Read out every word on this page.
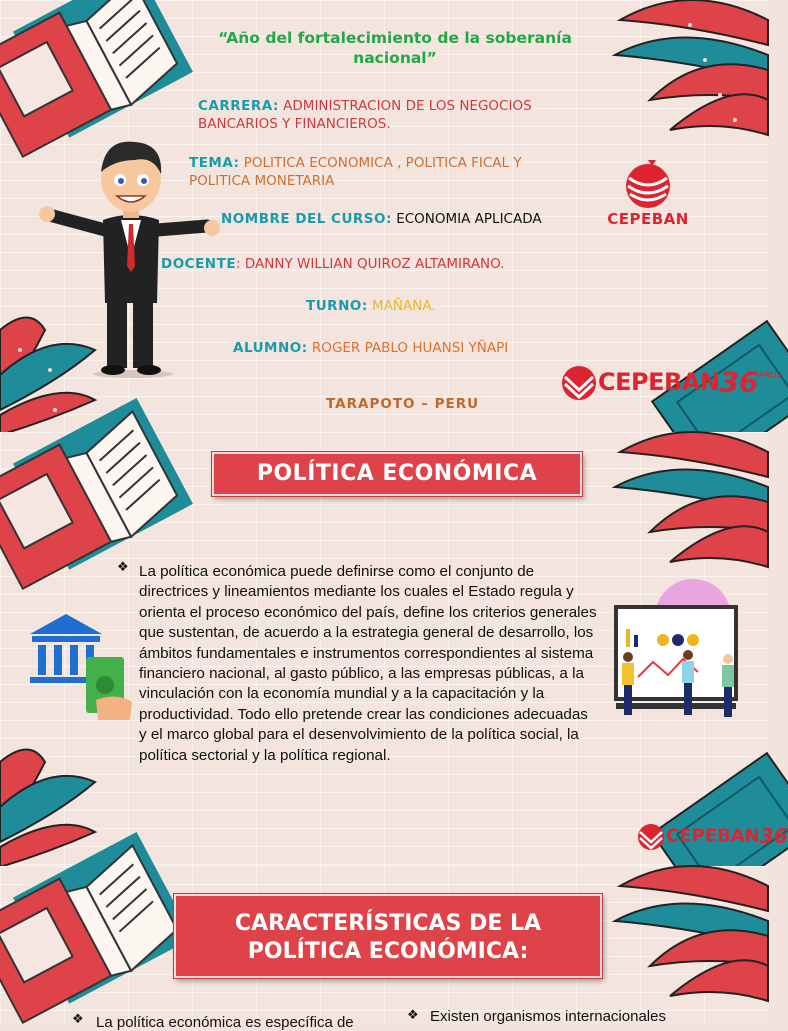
“Año del fortalecimiento de la soberanía nacional”
CARRERA: ADMINISTRACION DE LOS NEGOCIOS BANCARIOS Y FINANCIEROS.
TEMA: POLITICA ECONOMICA , POLITICA FICAL Y POLITICA MONETARIA
NOMBRE DEL CURSO: ECONOMIA APLICADA
DOCENTE: DANNY WILLIAN QUIROZ ALTAMIRANO.
TURNO: MAÑANA.
ALUMNO: ROGER PABLO HUANSI YÑAPI
TARAPOTO – PERU
CEPEBAN
$CEPEBAN36^{AÑOS}$
POLÍTICA ECONÓMICA
❖ La política económica puede definirse como el conjunto de directrices y lineamientos mediante los cuales el Estado regula y orienta el proceso económico del país, define los criterios generales que sustentan, de acuerdo a la estrategia general de desarrollo, los ámbitos fundamentales e instrumentos correspondientes al sistema financiero nacional, al gasto público, a las empresas públicas, a la vinculación con la economía mundial y a la capacitación y la productividad. Todo ello pretende crear las condiciones adecuadas y el marco global para el desenvolvimiento de la política social, la política sectorial y la política regional.
CEPEBAN36
CARACTERÍSTICAS DE LA
POLÍTICA ECONÓMICA:
❖ La política económica es específica de	❖ Existen organismos internacionales
